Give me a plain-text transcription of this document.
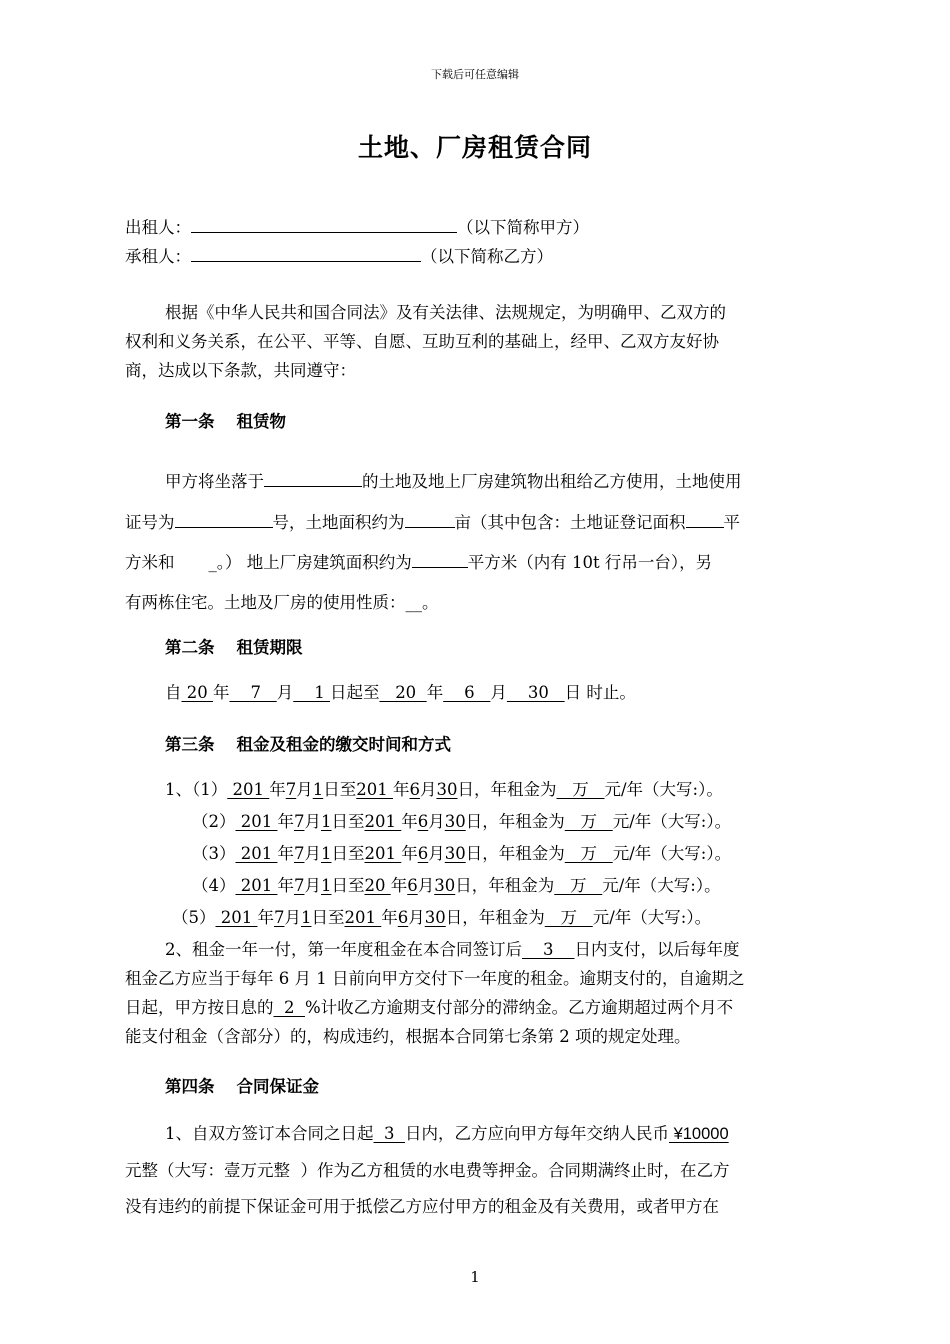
下载后可任意编辑
土地、厂房租赁合同
出租人：	（以下简称甲方）
承租人：	（以下简称乙方）
根据《中华人民共和国合同法》及有关法律、法规规定，为明确甲、乙双方的
权利和义务关系，在公平、平等、自愿、互助互利的基础上，经甲、乙双方友好协
商，达成以下条款，共同遵守：
第一条 租赁物
甲方将坐落于	的土地及地上厂房建筑物出租给乙方使用，土地使用
证号为	号，土地面积约为	亩（其中包含：土地证登记面积 平
方米和 _。） 地上厂房建筑面积约为	平方米（内有 10t 行吊一台），另
有两栋住宅。土地及厂房的使用性质：__。
第二条 租赁期限
自 20 年    7   月    1 日起至   20  年    6   月    30   日 时止。
第三条 租金及租金的缴交时间和方式
1、（1） 201 年7月1日至201 年6月30日，年租金为   万   元/年（大写:）。
（2） 201 年7月1日至201 年6月30日，年租金为   万   元/年（大写:）。
（3） 201 年7月1日至201 年6月30日，年租金为   万   元/年（大写:）。
（4） 201 年7月1日至20 年6月30日，年租金为   万   元/年（大写:）。
（5） 201 年7月1日至201 年6月30日，年租金为   万   元/年（大写:）。
2、租金一年一付，第一年度租金在本合同签订后    3    日内支付，以后每年度
租金乙方应当于每年 6 月 1 日前向甲方交付下一年度的租金。逾期支付的，自逾期之
日起，甲方按日息的  2  %计收乙方逾期支付部分的滞纳金。乙方逾期超过两个月不
能支付租金（含部分）的，构成违约，根据本合同第七条第 2 项的规定处理。
第四条 合同保证金
1、自双方签订本合同之日起  3  日内，乙方应向甲方每年交纳人民币 ¥10000
元整（大写：壹万元整  ）作为乙方租赁的水电费等押金。合同期满终止时，在乙方
没有违约的前提下保证金可用于抵偿乙方应付甲方的租金及有关费用，或者甲方在
1
